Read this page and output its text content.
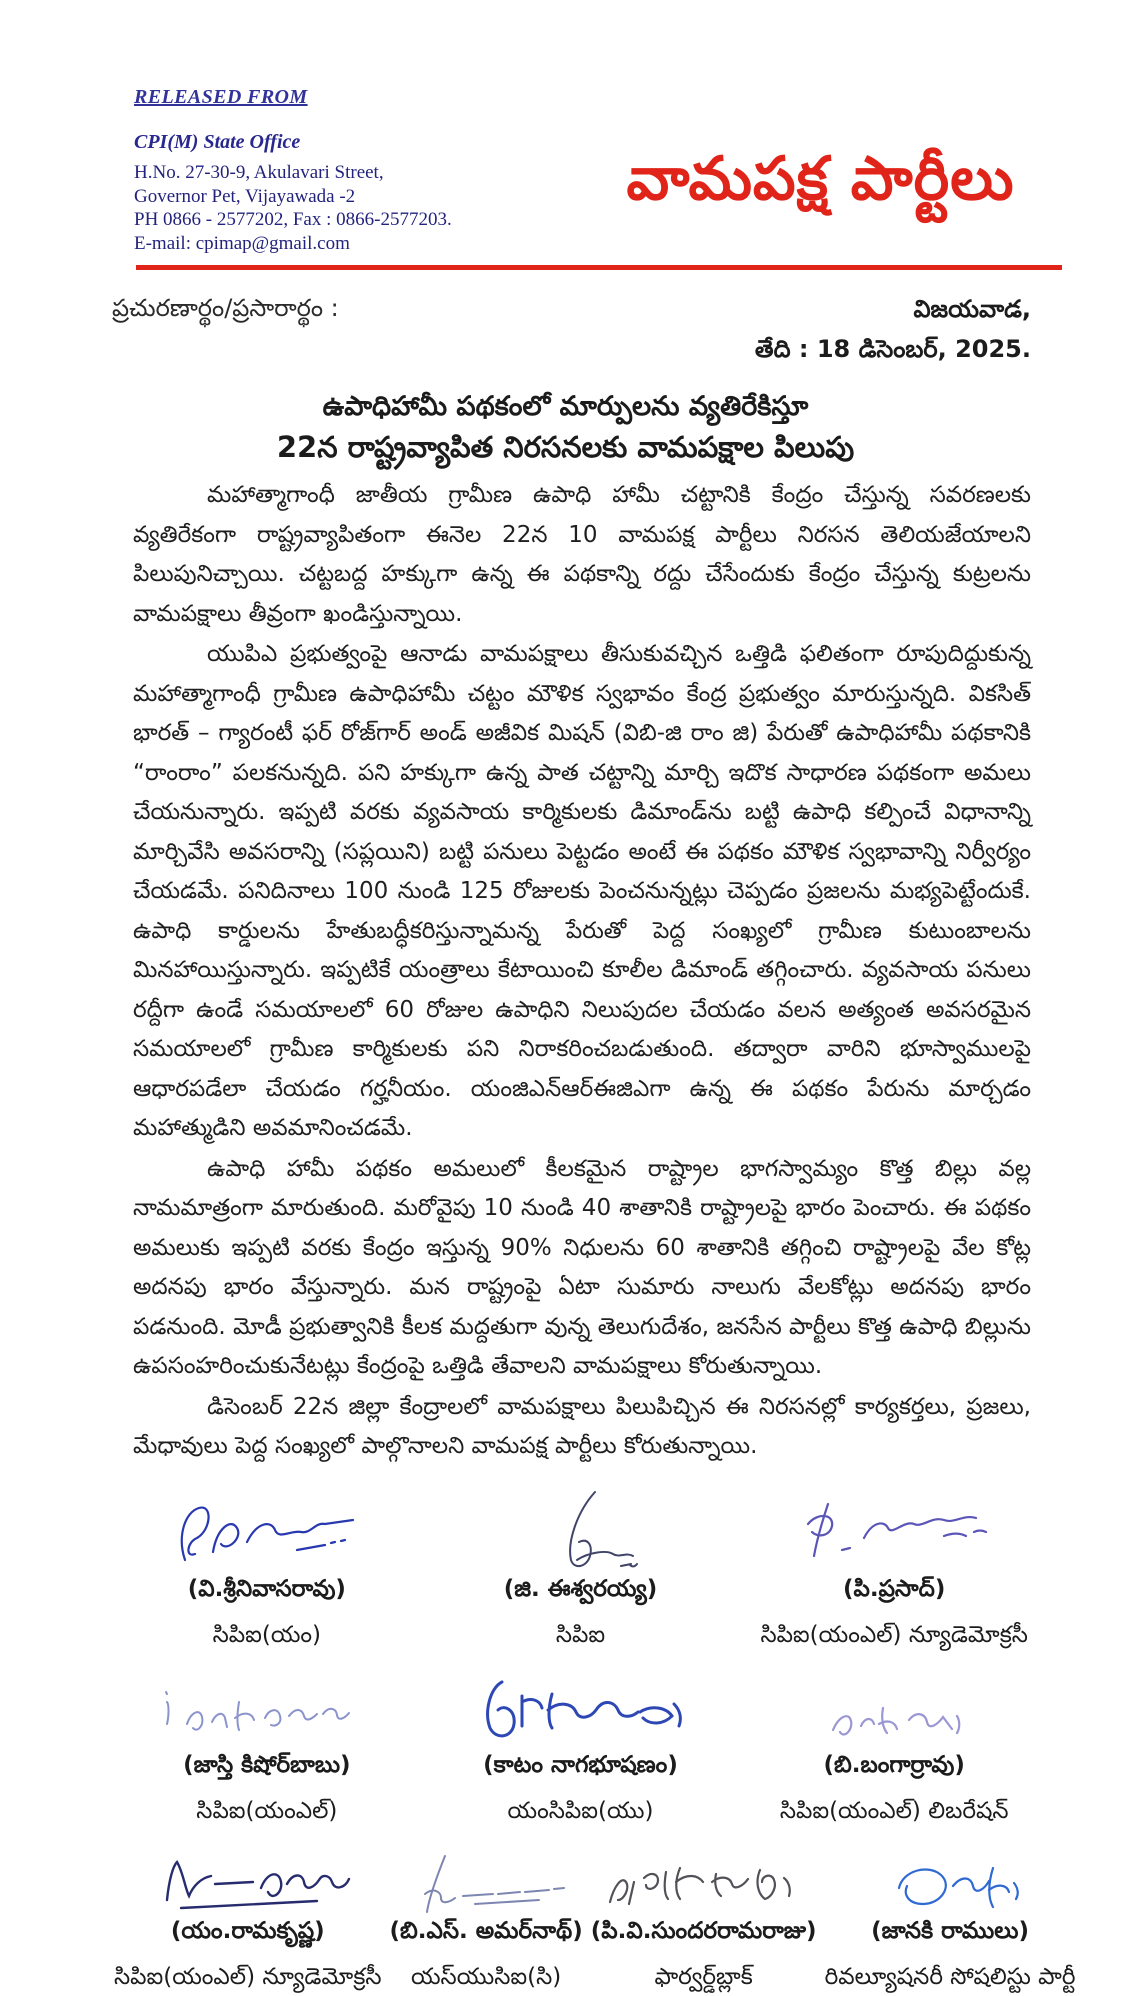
RELEASED FROM
CPI(M) State Office
H.No. 27-30-9, Akulavari Street,
Governor Pet, Vijayawada -2
PH 0866 - 2577202, Fax : 0866-2577203.
E-mail: cpimap@gmail.com
వామపక్ష పార్టీలు
ప్రచురణార్థం/ప్రసారార్థం :	విజయవాడ,
తేది : 18 డిసెంబర్, 2025.
ఉపాధిహామీ పథకంలో మార్పులను వ్యతిరేకిస్తూ
22న రాష్ట్రవ్యాపిత నిరసనలకు వామపక్షాల పిలుపు

మహాత్మాగాంధీ జాతీయ గ్రామీణ ఉపాధి హామీ చట్టానికి కేంద్రం చేస్తున్న సవరణలకు వ్యతిరేకంగా రాష్ట్రవ్యాపితంగా ఈనెల 22న 10 వామపక్ష పార్టీలు నిరసన తెలియజేయాలని పిలుపునిచ్చాయి. చట్టబద్ద హక్కుగా ఉన్న ఈ పథకాన్ని రద్దు చేసేందుకు కేంద్రం చేస్తున్న కుట్రలను వామపక్షాలు తీవ్రంగా ఖండిస్తున్నాయి.

యుపిఎ ప్రభుత్వంపై ఆనాడు వామపక్షాలు తీసుకువచ్చిన ఒత్తిడి ఫలితంగా రూపుదిద్దుకున్న మహాత్మాగాంధీ గ్రామీణ ఉపాధిహామీ చట్టం మౌళిక స్వభావం కేంద్ర ప్రభుత్వం మారుస్తున్నది. వికసిత్ భారత్ – గ్యారంటీ ఫర్ రోజ్‌గార్ అండ్ అజీవిక మిషన్ (విబి-జి రాం జి) పేరుతో ఉపాధిహామీ పథకానికి “రాంరాం” పలకనున్నది. పని హక్కుగా ఉన్న పాత చట్టాన్ని మార్చి ఇదొక సాధారణ పథకంగా అమలు చేయనున్నారు. ఇప్పటి వరకు వ్యవసాయ కార్మికులకు డిమాండ్‌ను బట్టి ఉపాధి కల్పించే విధానాన్ని మార్చివేసి అవసరాన్ని (సప్లయిని) బట్టి పనులు పెట్టడం అంటే ఈ పథకం మౌళిక స్వభావాన్ని నిర్వీర్యం చేయడమే. పనిదినాలు 100 నుండి 125 రోజులకు పెంచనున్నట్లు చెప్పడం ప్రజలను మభ్యపెట్టేందుకే. ఉపాధి కార్డులను హేతుబద్ధీకరిస్తున్నామన్న పేరుతో పెద్ద సంఖ్యలో గ్రామీణ కుటుంబాలను మినహాయిస్తున్నారు. ఇప్పటికే యంత్రాలు కేటాయించి కూలీల డిమాండ్ తగ్గించారు. వ్యవసాయ పనులు రద్దీగా ఉండే సమయాలలో 60 రోజుల ఉపాధిని నిలుపుదల చేయడం వలన అత్యంత అవసరమైన సమయాలలో గ్రామీణ కార్మికులకు పని నిరాకరించబడుతుంది. తద్వారా వారిని భూస్వాములపై ఆధారపడేలా చేయడం గర్హనీయం. యంజిఎన్‌ఆర్‌ఈజిఎగా ఉన్న ఈ పథకం పేరును మార్చడం మహాత్ముడిని అవమానించడమే.

ఉపాధి హామీ పథకం అమలులో కీలకమైన రాష్ట్రాల భాగస్వామ్యం కొత్త బిల్లు వల్ల నామమాత్రంగా మారుతుంది. మరోవైపు 10 నుండి 40 శాతానికి రాష్ట్రాలపై భారం పెంచారు. ఈ పథకం అమలుకు ఇప్పటి వరకు కేంద్రం ఇస్తున్న 90% నిధులను 60 శాతానికి తగ్గించి రాష్ట్రాలపై వేల కోట్ల అదనపు భారం వేస్తున్నారు. మన రాష్ట్రంపై ఏటా సుమారు నాలుగు వేలకోట్లు అదనపు భారం పడనుంది. మోడీ ప్రభుత్వానికి కీలక మద్దతుగా వున్న తెలుగుదేశం, జనసేన పార్టీలు కొత్త ఉపాధి బిల్లును ఉపసంహరించుకునేటట్లు కేంద్రంపై ఒత్తిడి తేవాలని వామపక్షాలు కోరుతున్నాయి.

డిసెంబర్ 22న జిల్లా కేంద్రాలలో వామపక్షాలు పిలుపిచ్చిన ఈ నిరసనల్లో కార్యకర్తలు, ప్రజలు, మేధావులు పెద్ద సంఖ్యలో పాల్గొనాలని వామపక్ష పార్టీలు కోరుతున్నాయి.

(వి.శ్రీనివాసరావు)
సిపిఐ(యం)
(జి. ఈశ్వరయ్య)
సిపిఐ
(పి.ప్రసాద్)
సిపిఐ(యంఎల్) న్యూడెమోక్రసీ
(జాస్తి కిషోర్‌బాబు)
సిపిఐ(యంఎల్)
(కాటం నాగభూషణం)
యంసిపిఐ(యు)
(బి.బంగార్రావు)
సిపిఐ(యంఎల్) లిబరేషన్
(యం.రామకృష్ణ)
సిపిఐ(యంఎల్) న్యూడెమోక్రసీ
(బి.ఎస్. అమర్‌నాథ్)
యస్‌యుసిఐ(సి)
(పి.వి.సుందరరామరాజు)
ఫార్వర్డ్‌బ్లాక్
(జానకి రాములు)
రివల్యూషనరీ సోషలిస్టు పార్టీ
